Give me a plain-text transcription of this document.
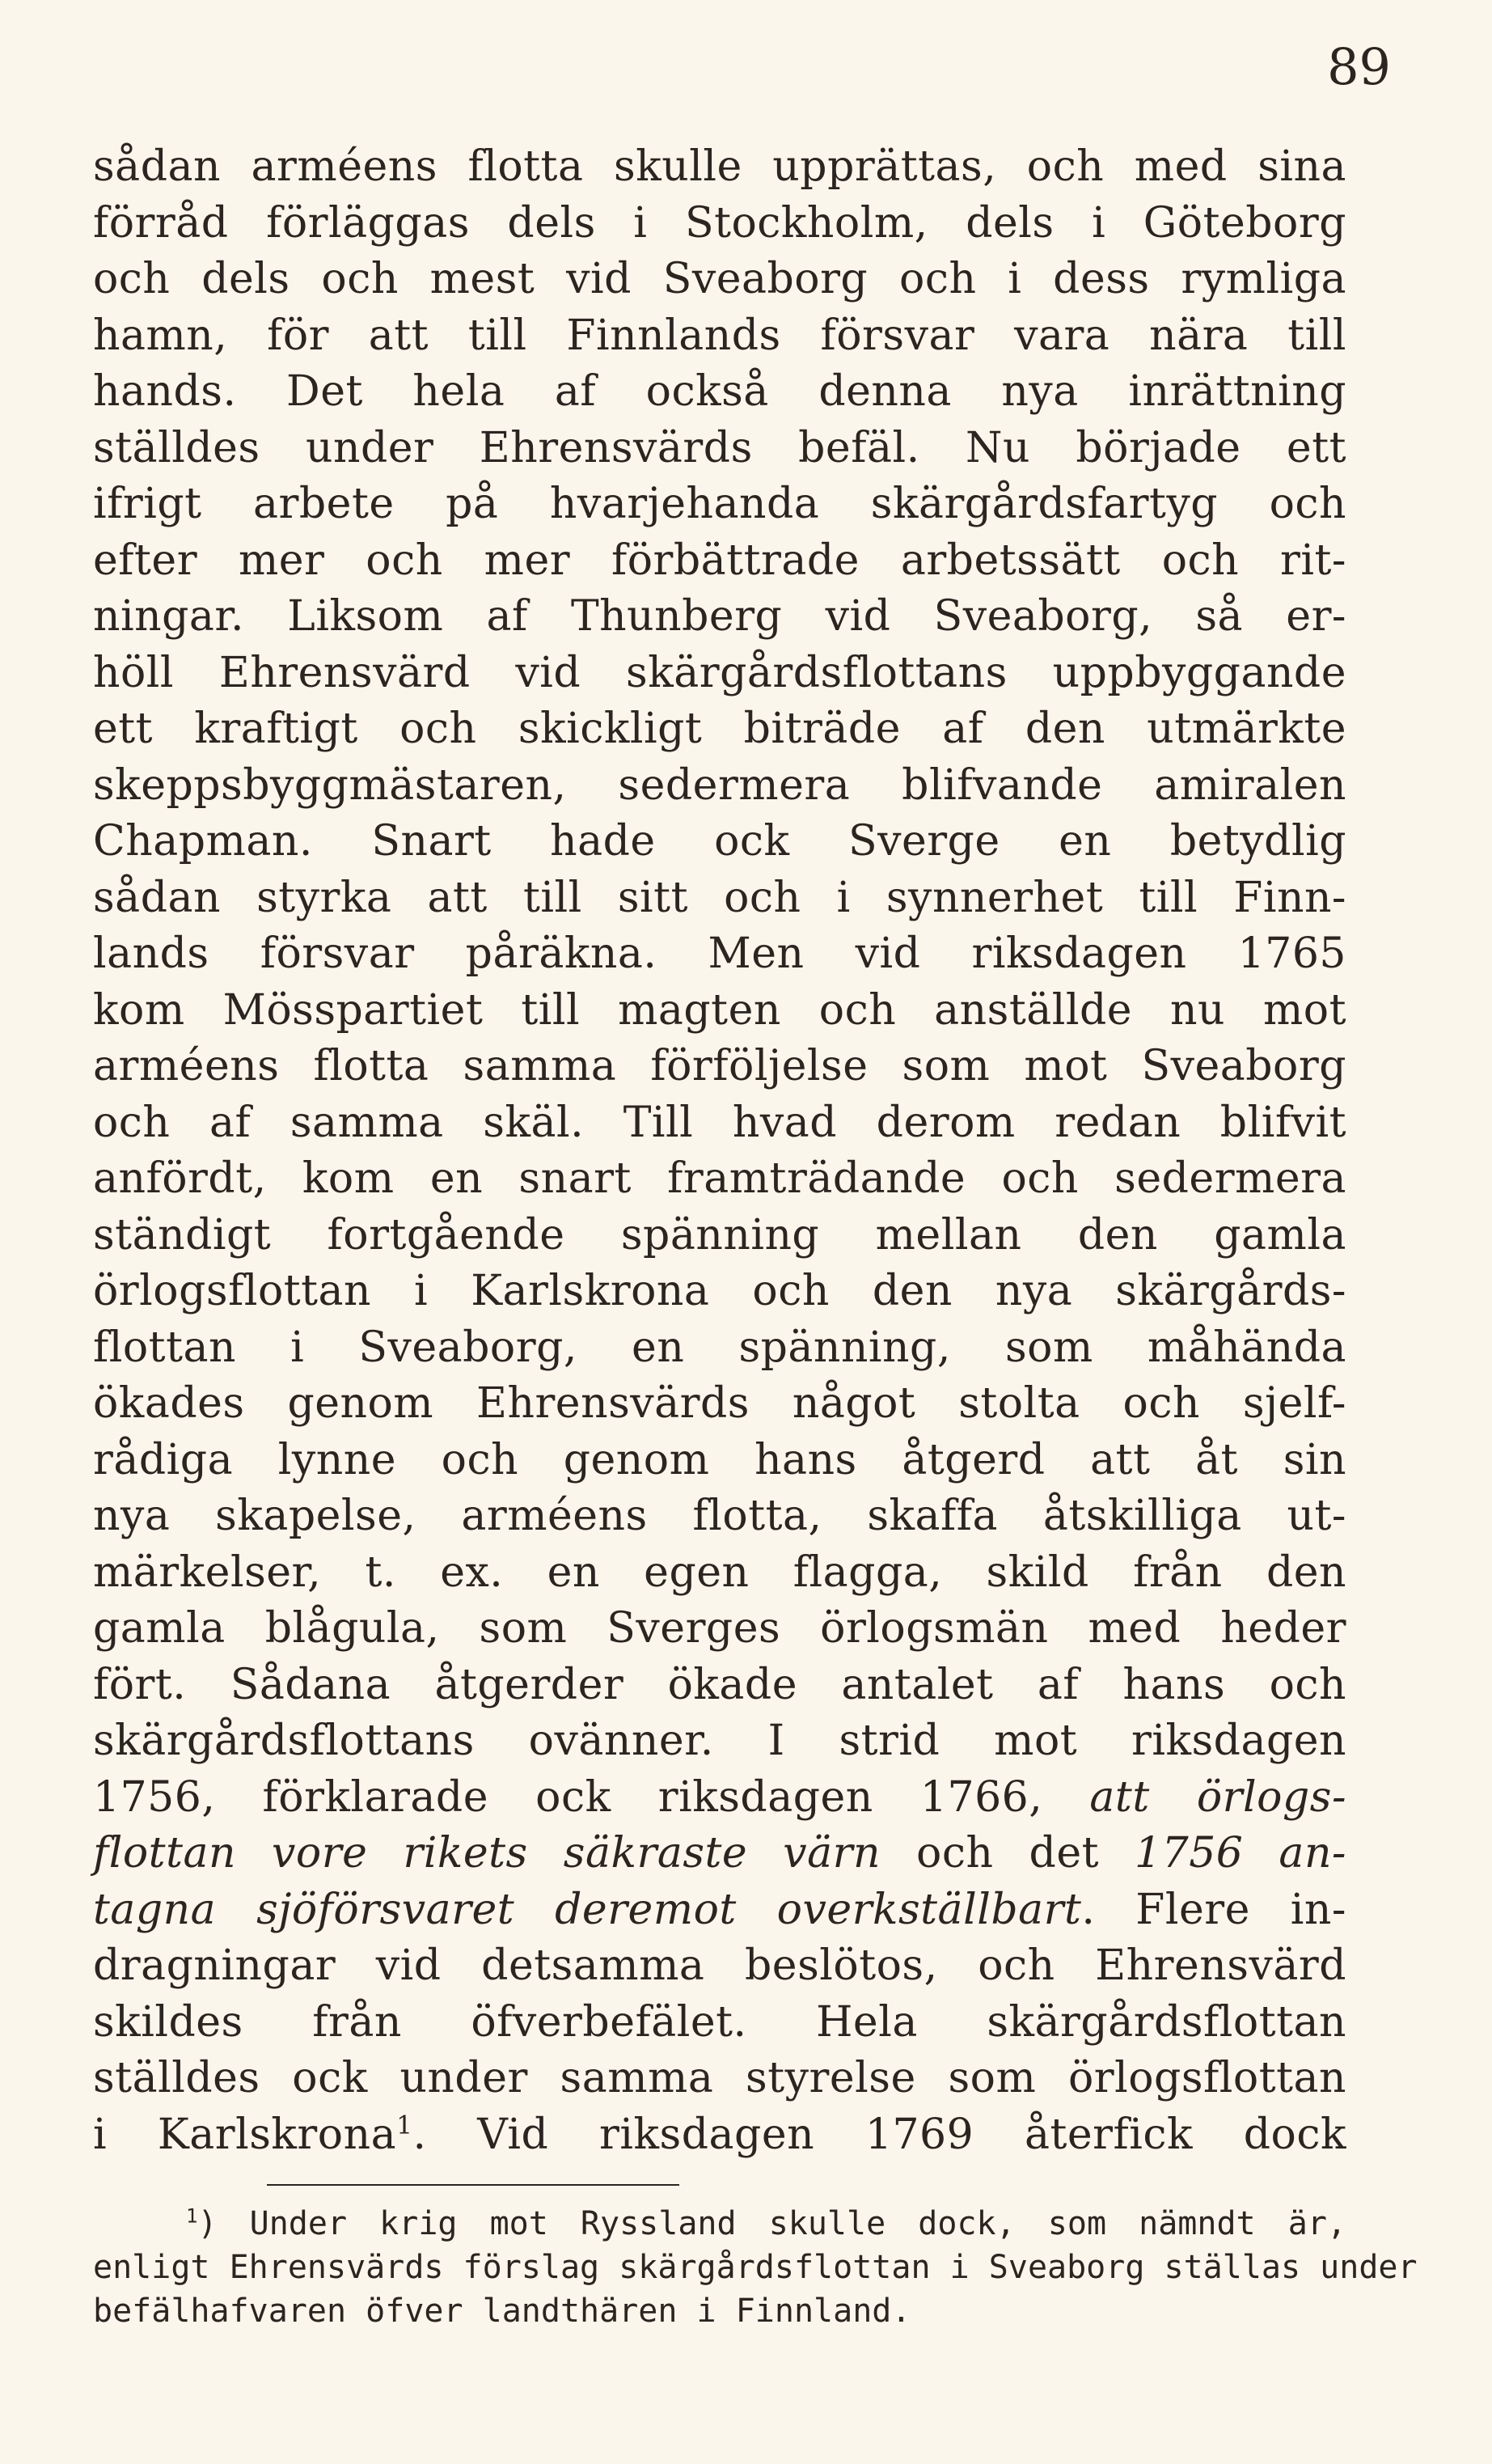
89
sådan arméens flotta skulle upprättas, och med sina
förråd förläggas dels i Stockholm, dels i Göteborg
och dels och mest vid Sveaborg och i dess rymliga
hamn, för att till Finnlands försvar vara nära till
hands. Det hela af också denna nya inrättning
ställdes under Ehrensvärds befäl. Nu började ett
ifrigt arbete på hvarjehanda skärgårdsfartyg och
efter mer och mer förbättrade arbetssätt och rit-
ningar. Liksom af Thunberg vid Sveaborg, så er-
höll Ehrensvärd vid skärgårdsflottans uppbyggande
ett kraftigt och skickligt biträde af den utmärkte
skeppsbyggmästaren, sedermera blifvande amiralen
Chapman. Snart hade ock Sverge en betydlig
sådan styrka att till sitt och i synnerhet till Finn-
lands försvar påräkna. Men vid riksdagen 1765
kom Mösspartiet till magten och anställde nu mot
arméens flotta samma förföljelse som mot Sveaborg
och af samma skäl. Till hvad derom redan blifvit
anfördt, kom en snart framträdande och sedermera
ständigt fortgående spänning mellan den gamla
örlogsflottan i Karlskrona och den nya skärgårds-
flottan i Sveaborg, en spänning, som måhända
ökades genom Ehrensvärds något stolta och sjelf-
rådiga lynne och genom hans åtgerd att åt sin
nya skapelse, arméens flotta, skaffa åtskilliga ut-
märkelser, t. ex. en egen flagga, skild från den
gamla blågula, som Sverges örlogsmän med heder
fört. Sådana åtgerder ökade antalet af hans och
skärgårdsflottans ovänner. I strid mot riksdagen
1756, förklarade ock riksdagen 1766, att örlogs-
flottan vore rikets säkraste värn och det 1756 an-
tagna sjöförsvaret deremot overkställbart. Flere in-
dragningar vid detsamma beslötos, och Ehrensvärd
skildes från öfverbefälet. Hela skärgårdsflottan
ställdes ock under samma styrelse som örlogsflottan
i Karlskrona$^1$. Vid riksdagen 1769 återfick dock
$^1$) Under krig mot Ryssland skulle dock, som nämndt är,
enligt Ehrensvärds förslag skärgårdsflottan i Sveaborg ställas under
befälhafvaren öfver landthären i Finnland.
